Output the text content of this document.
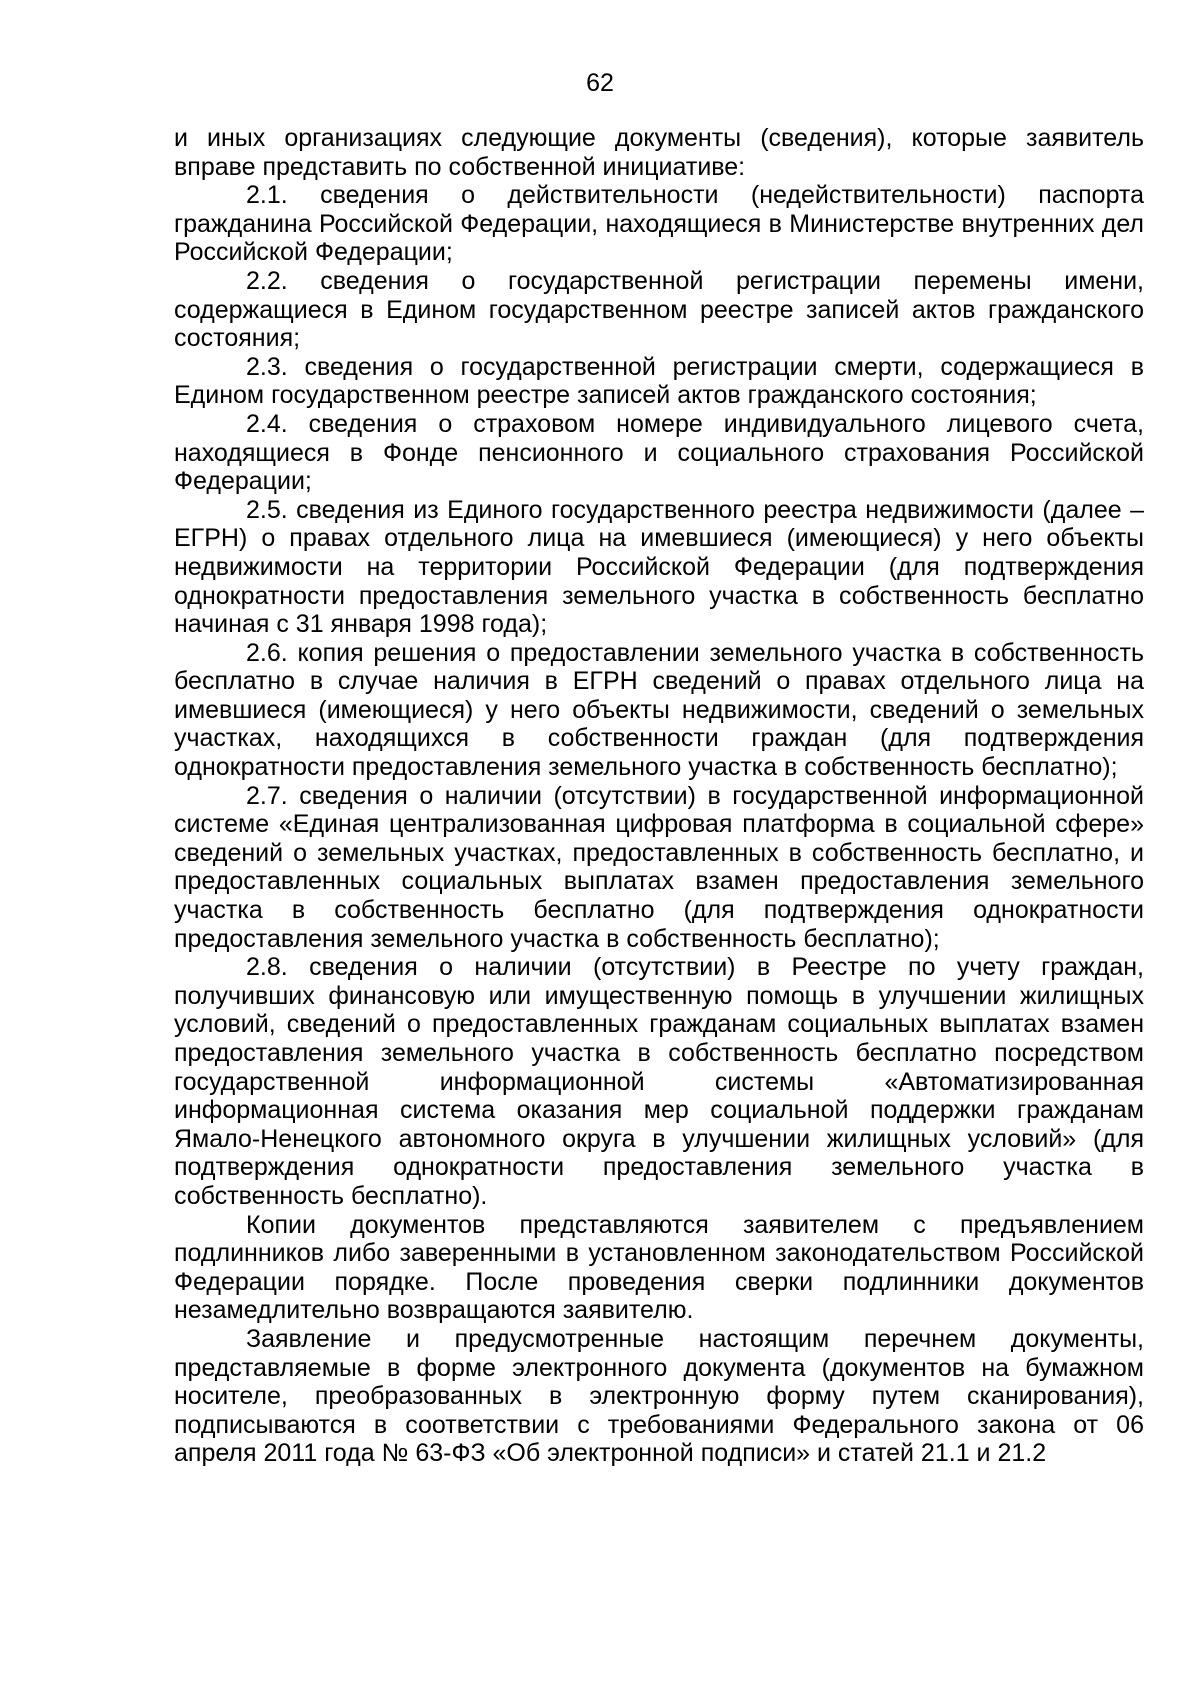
62

и иных организациях следующие документы (сведения), которые заявитель вправе представить по собственной инициативе:

2.1. сведения о действительности (недействительности) паспорта гражданина Российской Федерации, находящиеся в Министерстве внутренних дел Российской Федерации;

2.2. сведения о государственной регистрации перемены имени, содержащиеся в Едином государственном реестре записей актов гражданского состояния;

2.3. сведения о государственной регистрации смерти, содержащиеся в Едином государственном реестре записей актов гражданского состояния;

2.4. сведения о страховом номере индивидуального лицевого счета, находящиеся в Фонде пенсионного и социального страхования Российской Федерации;

2.5. сведения из Единого государственного реестра недвижимости (далее – ЕГРН) о правах отдельного лица на имевшиеся (имеющиеся) у него объекты недвижимости на территории Российской Федерации (для подтверждения однократности предоставления земельного участка в собственность бесплатно начиная с 31 января 1998 года);

2.6. копия решения о предоставлении земельного участка в собственность бесплатно в случае наличия в ЕГРН сведений о правах отдельного лица на имевшиеся (имеющиеся) у него объекты недвижимости, сведений о земельных участках, находящихся в собственности граждан (для подтверждения однократности предоставления земельного участка в собственность бесплатно);

2.7. сведения о наличии (отсутствии) в государственной информационной системе «Единая централизованная цифровая платформа в социальной сфере» сведений о земельных участках, предоставленных в собственность бесплатно, и предоставленных социальных выплатах взамен предоставления земельного участка в собственность бесплатно (для подтверждения однократности предоставления земельного участка в собственность бесплатно);

2.8. сведения о наличии (отсутствии) в Реестре по учету граждан, получивших финансовую или имущественную помощь в улучшении жилищных условий, сведений о предоставленных гражданам социальных выплатах взамен предоставления земельного участка в собственность бесплатно посредством государственной информационной системы «Автоматизированная информационная система оказания мер социальной поддержки гражданам Ямало-Ненецкого автономного округа в улучшении жилищных условий» (для подтверждения однократности предоставления земельного участка в собственность бесплатно).

Копии документов представляются заявителем с предъявлением подлинников либо заверенными в установленном законодательством Российской Федерации порядке. После проведения сверки подлинники документов незамедлительно возвращаются заявителю.

Заявление и предусмотренные настоящим перечнем документы, представляемые в форме электронного документа (документов на бумажном носителе, преобразованных в электронную форму путем сканирования), подписываются в соответствии с требованиями Федерального закона от 06 апреля 2011 года № 63-ФЗ «Об электронной подписи» и статей 21.1 и 21.2
